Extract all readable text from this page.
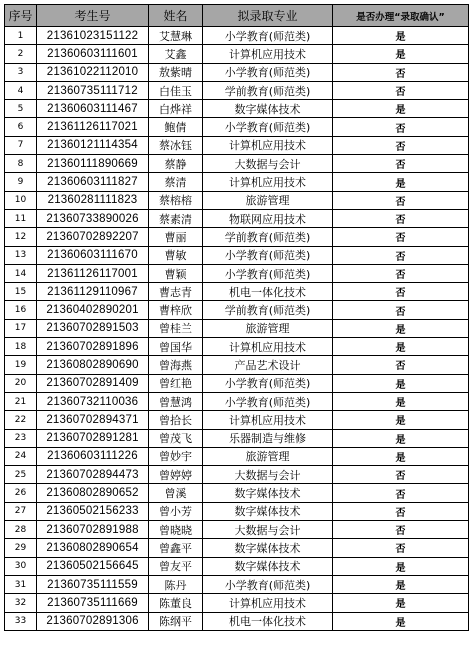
序号	考生号	姓名	拟录取专业	是否办理“录取确认”
1	21361023151122	艾慧琳	小学教育(师范类)	是
2	21360603111601	艾鑫	计算机应用技术	是
3	21361022112010	敖紫晴	小学教育(师范类)	否
4	21360735111712	白佳玉	学前教育(师范类)	否
5	21360603111467	白烨祥	数字媒体技术	是
6	21361126117021	鲍倩	小学教育(师范类)	否
7	21360121114354	蔡冰钰	计算机应用技术	否
8	21360111890669	蔡静	大数据与会计	否
9	21360603111827	蔡清	计算机应用技术	是
10	21360281111823	蔡榕榕	旅游管理	否
11	21360733890026	蔡素清	物联网应用技术	否
12	21360702892207	曹丽	学前教育(师范类)	否
13	21360603111670	曹敏	小学教育(师范类)	否
14	21361126117001	曹颖	小学教育(师范类)	否
15	21361129110967	曹志青	机电一体化技术	否
16	21360402890201	曹梓欣	学前教育(师范类)	否
17	21360702891503	曾桂兰	旅游管理	是
18	21360702891896	曾国华	计算机应用技术	是
19	21360802890690	曾海燕	产品艺术设计	否
20	21360702891409	曾红艳	小学教育(师范类)	是
21	21360732110036	曾慧鸿	小学教育(师范类)	是
22	21360702894371	曾拾长	计算机应用技术	是
23	21360702891281	曾茂飞	乐器制造与维修	是
24	21360603111226	曾妙宇	旅游管理	是
25	21360702894473	曾婷婷	大数据与会计	否
26	21360802890652	曾溪	数字媒体技术	否
27	21360502156233	曾小芳	数字媒体技术	否
28	21360702891988	曾晓晓	大数据与会计	否
29	21360802890654	曾鑫平	数字媒体技术	否
30	21360502156645	曾友平	数字媒体技术	是
31	21360735111559	陈丹	小学教育(师范类)	是
32	21360735111669	陈董良	计算机应用技术	是
33	21360702891306	陈纲平	机电一体化技术	是
